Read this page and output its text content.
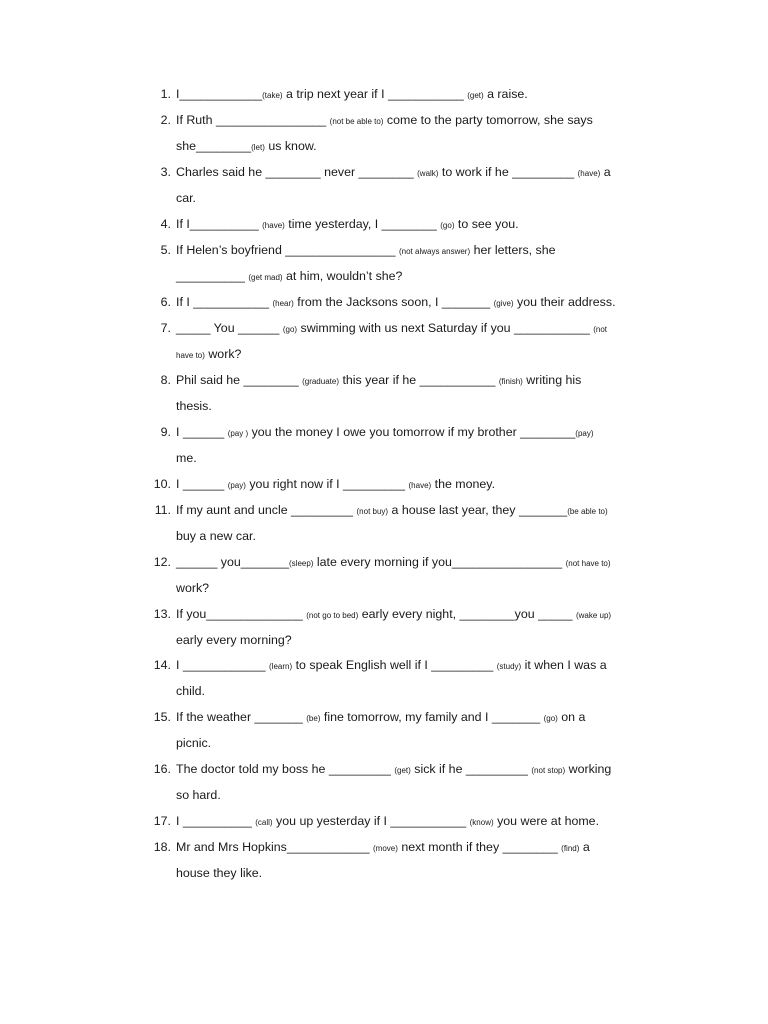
1. I____________(take) a trip next year if I ___________ (get) a raise.
2. If Ruth ________________ (not be able to) come to the party tomorrow, she says
she________(let) us know.
3. Charles said he ________ never ________ (walk) to work if he _________ (have) a
car.
4. If I__________ (have) time yesterday, I ________ (go) to see you.
5. If Helen’s boyfriend ________________ (not always answer) her letters, she
__________ (get mad) at him, wouldn’t she?
6. If I ___________ (hear) from the Jacksons soon, I _______ (give) you their address.
7. _____ You ______ (go) swimming with us next Saturday if you ___________ (not
have to) work?
8. Phil said he ________ (graduate) this year if he ___________ (finish) writing his
thesis.
9. I ______ (pay ) you the money I owe you tomorrow if my brother ________(pay)
me.
10. I ______ (pay) you right now if I _________ (have) the money.
11. If my aunt and uncle _________ (not buy) a house last year, they _______(be able to)
buy a new car.
12. ______ you_______(sleep) late every morning if you________________ (not have to)
work?
13. If you______________ (not go to bed) early every night, ________you _____ (wake up)
early every morning?
14. I ____________ (learn) to speak English well if I _________ (study) it when I was a
child.
15. If the weather _______ (be) fine tomorrow, my family and I _______ (go) on a
picnic.
16. The doctor told my boss he _________ (get) sick if he _________ (not stop) working
so hard.
17. I __________ (call) you up yesterday if I ___________ (know) you were at home.
18. Mr and Mrs Hopkins____________ (move) next month if they ________ (find) a
house they like.
